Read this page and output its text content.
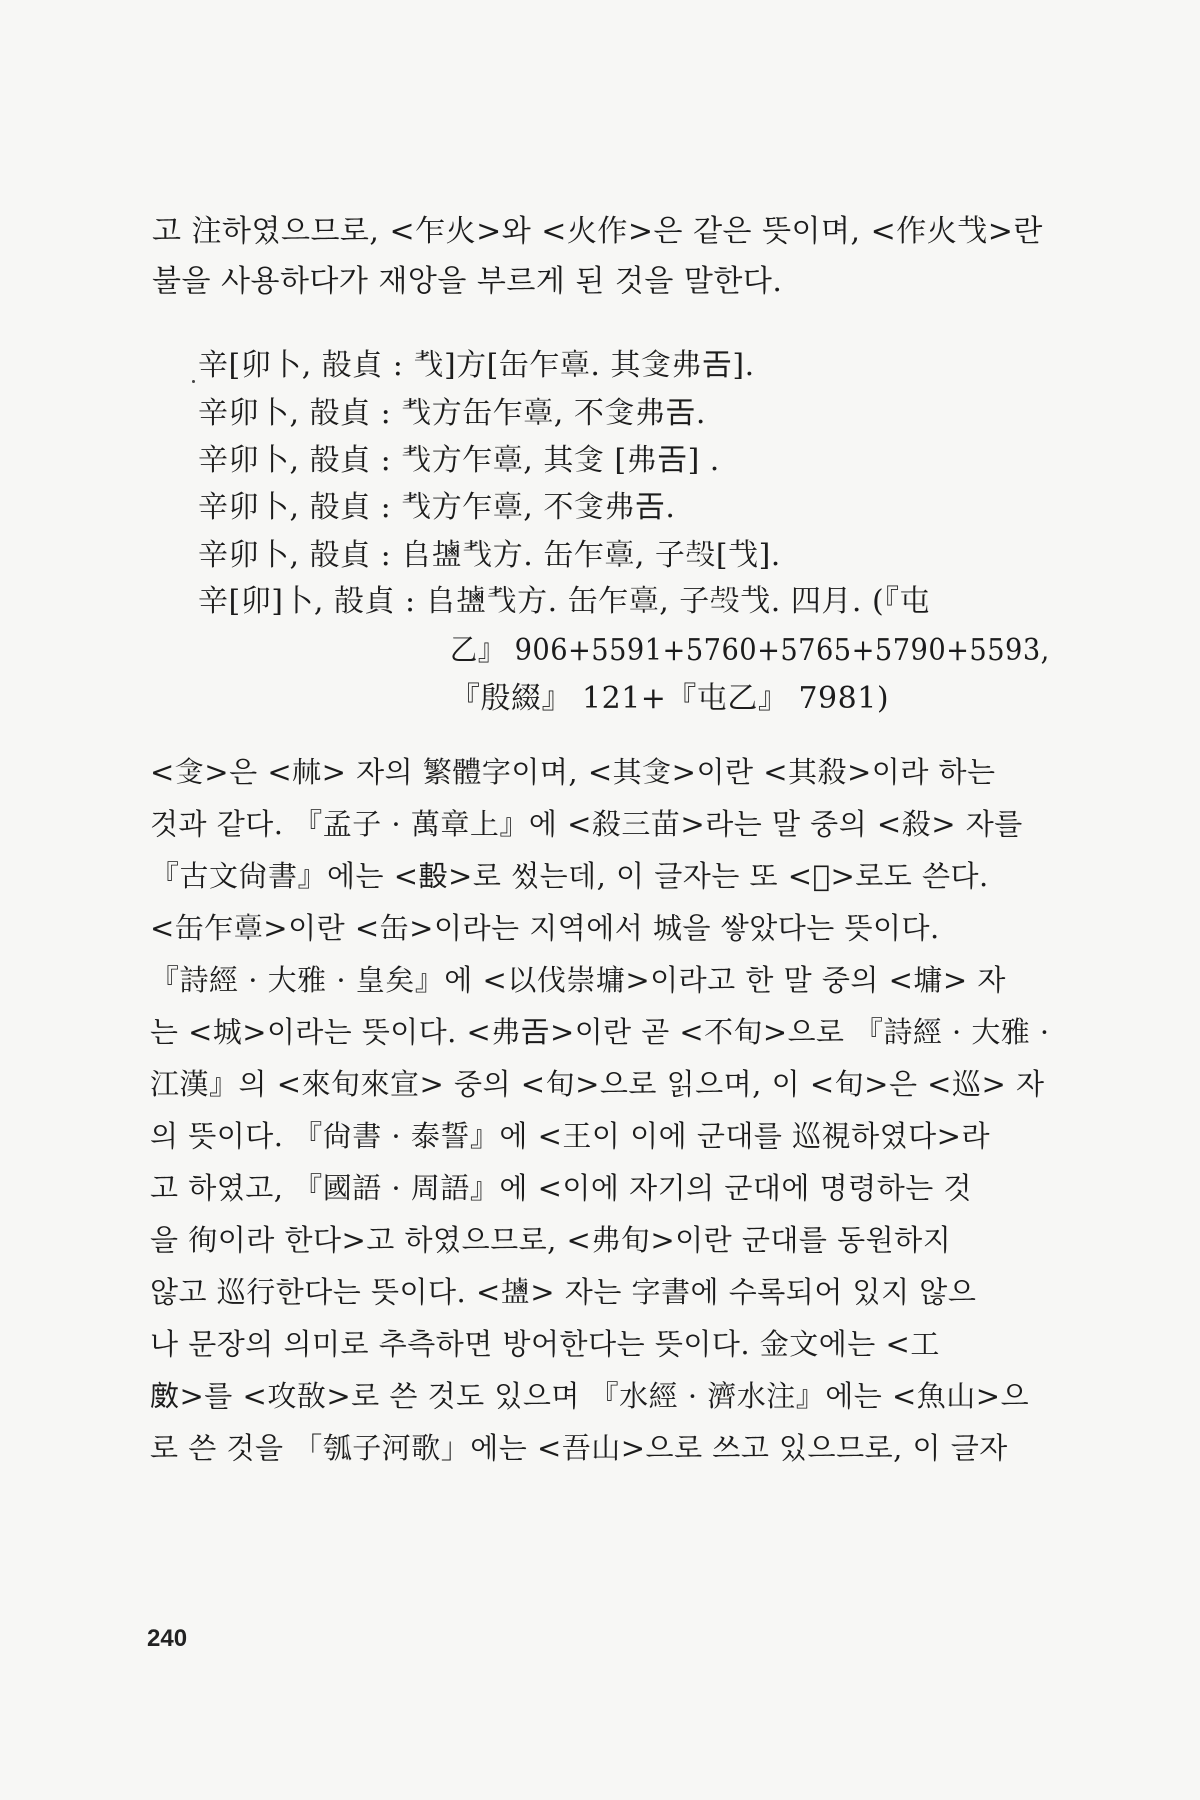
고 注하였으므로, <乍火>와 <火作>은 같은 뜻이며, <作火𢦏>란
불을 사용하다가 재앙을 부르게 된 것을 말한다.
辛[卯卜, 㱿貞 : 𢦒]方[缶乍𩫏. 其𢻶弗𢀛].
辛卯卜, 㱿貞 : 𢦒方缶乍𩫏, 不𢻶弗𢀛.
辛卯卜, 㱿貞 : 𢦒方乍𩫏, 其𢻶 [弗𢀛] .
辛卯卜, 㱿貞 : 𢦒方乍𩫏, 不𢻶弗𢀛.
辛卯卜, 㱿貞 : 𠂤𪉩𢦒方. 缶乍𩫏, 子𣪊[𢦏].
辛[卯]卜, 㱿貞 : 𠂤𪉩𢦒方. 缶乍𩫏, 子𣪊𢦏. 四月. (『屯
乙』 906+5591+5760+5765+5790+5593,
『殷綴』 121+『屯乙』 7981)
<𢻶>은 <𣏟> 자의 繁體字이며, <其𢻶>이란 <其殺>이라 하는
것과 같다. 『孟子 · 萬章上』에 <殺三苗>라는 말 중의 <殺> 자를
『古文尙書』에는 <𣪠>로 썼는데, 이 글자는 또 <𣏼>로도 쓴다.
<缶乍𩫏>이란 <缶>이라는 지역에서 城을 쌓았다는 뜻이다.
『詩經 · 大雅 · 皇矣』에 <以伐崇墉>이라고 한 말 중의 <墉> 자
는 <城>이라는 뜻이다. <弗𢀛>이란 곧 <不旬>으로 『詩經 · 大雅 ·
江漢』의 <來旬來宣> 중의 <旬>으로 읽으며, 이 <旬>은 <巡> 자
의 뜻이다. 『尙書 · 泰誓』에 <王이 이에 군대를 巡視하였다>라
고 하였고, 『國語 · 周語』에 <이에 자기의 군대에 명령하는 것
을 徇이라 한다>고 하였으므로, <弗旬>이란 군대를 동원하지
않고 巡行한다는 뜻이다. <𪉩> 자는 字書에 수록되어 있지 않으
나 문장의 의미로 추측하면 방어한다는 뜻이다. 金文에는 <工
𢾅>를 <攻敔>로 쓴 것도 있으며 『水經 · 濟水注』에는 <魚山>으
로 쓴 것을 「瓠子河歌」에는 <吾山>으로 쓰고 있으므로, 이 글자
240
